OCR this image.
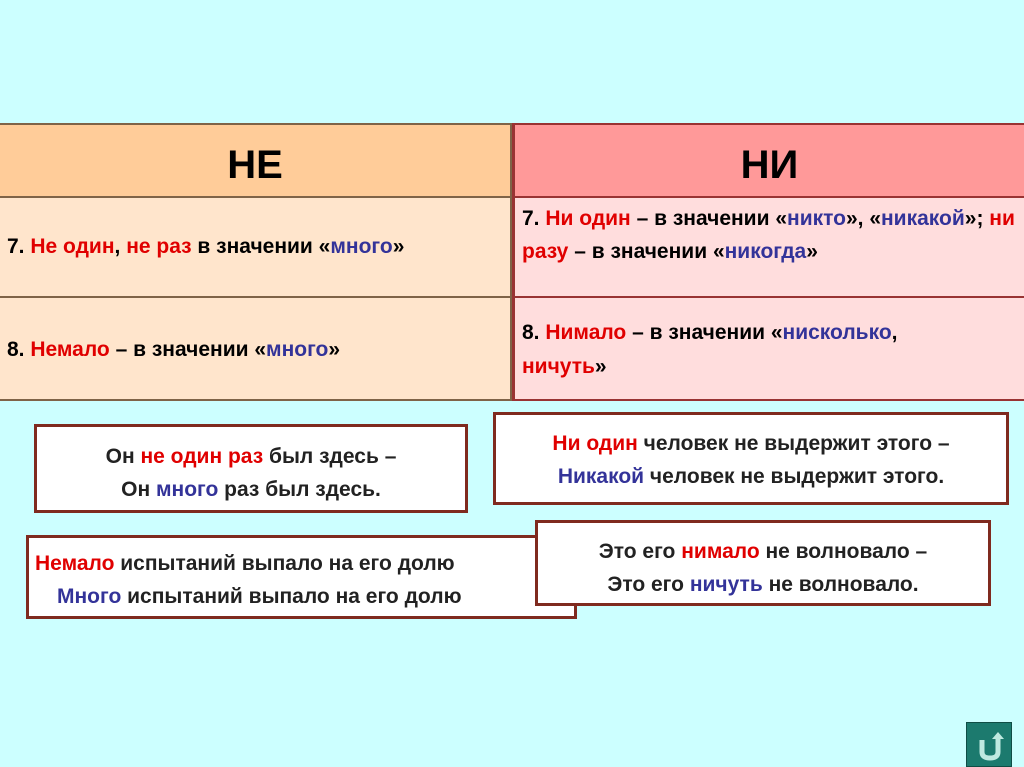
НЕ	НИ
7. Не один, не раз в значении «много»
7. Ни один – в значении «никто», «никакой»; ни разу – в значении «никогда»
8. Немало – в значении «много»
8. Нимало – в значении «нисколько,
ничуть»
Он не один раз был здесь –
Он много раз был здесь.
Ни один человек не выдержит этого –
Никакой человек не выдержит этого.
Немало испытаний выпало на его долю
Много испытаний выпало на его долю
Это его нимало не волновало –
Это его ничуть не волновало.
